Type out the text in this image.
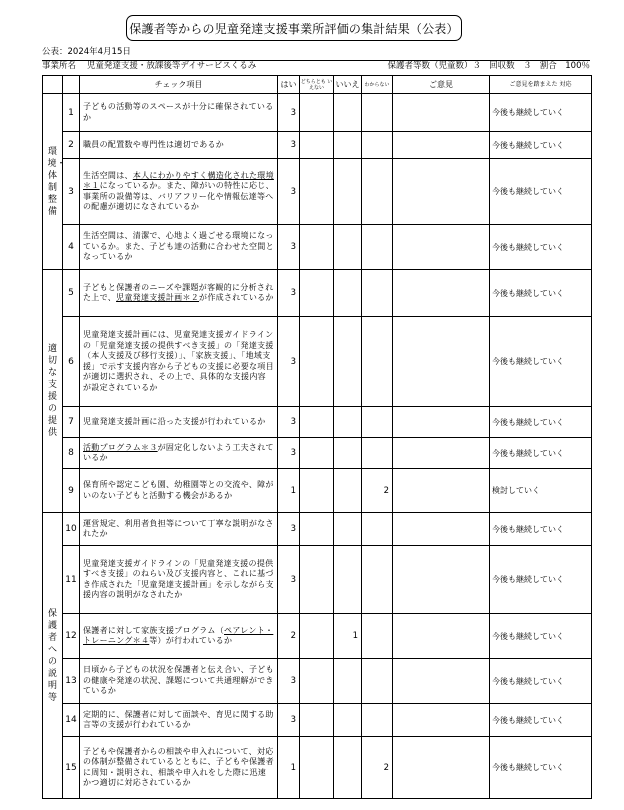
保護者等からの児童発達支援事業所評価の集計結果（公表）
公表：2024年4月15日
事業所名 児童発達支援・放課後等デイサービスくるみ	保護者等数（児童数）３ 回収数　３ 割合　100％
		チェック項目	はい	どちらとも いえない	いいえ	わからない	ご意見	ご意見を踏まえた 対応
環境・体制整備	1	子どもの活動等のスペースが十分に確保されているか	3					今後も継続していく
	2	職員の配置数や専門性は適切であるか	3					今後も継続していく
	3	生活空間は、本人にわかりやすく構造化された環境＊１になっているか。また、障がいの特性に応じ、事業所の設備等は、バリアフリー化や情報伝達等への配慮が適切になされているか	3					今後も継続していく
	4	生活空間は、清潔で、心地よく過ごせる環境になっているか。また、子ども達の活動に合わせた空間となっているか	3					今後も継続していく
適切な支援の提供	5	子どもと保護者のニーズや課題が客観的に分析された上で、児童発達支援計画＊２が作成されているか	3					今後も継続していく
	6	児童発達支援計画には、児童発達支援ガイドラインの「児童発達支援の提供すべき支援」の「発達支援（本人支援及び移行支援）」、「家族支援」、「地域支援」で示す支援内容から子どもの支援に必要な項目が適切に選択され、その上で、具体的な支援内容が設定されているか	3					今後も継続していく
	7	児童発達支援計画に沿った支援が行われているか	3					今後も継続していく
	8	活動プログラム＊３が固定化しないよう工夫されているか	3					今後も継続していく
	9	保育所や認定こども園、幼稚園等との交流や、障がいのない子どもと活動する機会があるか	1			2		検討していく
保護者への説明等	10	運営規定、利用者負担等について丁寧な説明がなされたか	3					今後も継続していく
	11	児童発達支援ガイドラインの「児童発達支援の提供すべき支援」のねらい及び支援内容と、これに基づき作成された「児童発達支援計画」を示しながら支援内容の説明がなされたか	3					今後も継続していく
	12	保護者に対して家族支援プログラム（ペアレント・トレーニング＊４等）が行われているか	2		1			今後も継続していく
	13	日頃から子どもの状況を保護者と伝え合い、子どもの健康や発達の状況、課題について共通理解ができているか	3					今後も継続していく
	14	定期的に、保護者に対して面談や、育児に関する助言等の支援が行われているか	3					今後も継続していく
	15	子どもや保護者からの相談や申入れについて、対応の体制が整備されているとともに、子どもや保護者に周知・説明され、相談や申入れをした際に迅速かつ適切に対応されているか	1			2		今後も継続していく
